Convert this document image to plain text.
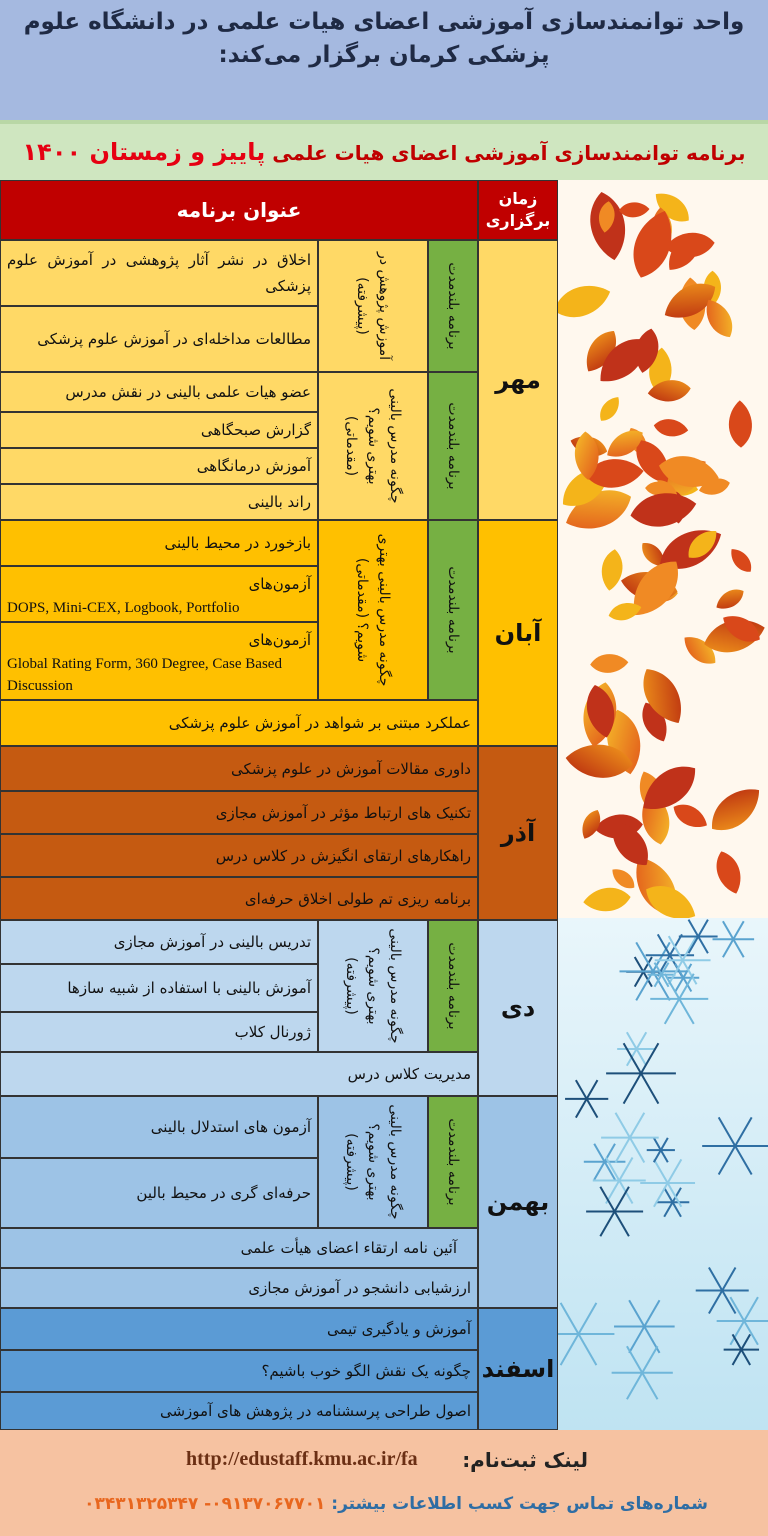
واحد توانمندسازی آموزشی اعضای هیات علمی در دانشگاه علوم
پزشکی کرمان برگزار می‌کند:
برنامه توانمندسازی آموزشی اعضای هیات علمی پاییز و زمستان ۱۴۰۰
زمان برگزاری
عنوان برنامه
مهر
برنامه بلندمدت
برنامه بلندمدت
آموزش پژوهش در (پیشرفته)
چگونه مدرس بالینی بهتری شویم؟ (مقدماتی)
اخلاق در نشر آثار پژوهشی در آموزش علوم پزشکی
مطالعات مداخله‌ای در آموزش علوم پزشکی
عضو هیات علمی بالینی در نقش مدرس
گزارش صبحگاهی
آموزش درمانگاهی
راند بالینی
آبان
برنامه بلندمدت
چگونه مدرس بالینی بهتری شویم؟ (مقدماتی)
بازخورد در محیط بالینی
آزمون‌های
DOPS, Mini-CEX, Logbook, Portfolio
آزمون‌های
Global Rating Form, 360 Degree, Case Based Discussion
عملکرد مبتنی بر شواهد در آموزش علوم پزشکی
آذر
داوری مقالات آموزش در علوم پزشکی
تکنیک های ارتباط مؤثر در آموزش مجازی
راهکارهای ارتقای انگیزش در کلاس درس
برنامه ریزی تم طولی اخلاق حرفه‌ای
دی
برنامه بلندمدت
چگونه مدرس بالینی بهتری شویم؟ (پیشرفته)
تدریس بالینی در آموزش مجازی
آموزش بالینی با استفاده از شبیه سازها
ژورنال کلاب
مدیریت کلاس درس
بهمن
برنامه بلندمدت
چگونه مدرس بالینی بهتری شویم؟ (پیشرفته)
آزمون های استدلال بالینی
حرفه‌ای گری در محیط بالین
آئین نامه ارتقاء اعضای هیأت علمی
ارزشیابی دانشجو در آموزش مجازی
اسفند
آموزش و یادگیری تیمی
چگونه یک نقش الگو خوب باشیم؟
اصول طراحی پرسشنامه در پژوهش های آموزشی
لینک ثبت‌نام:
http://edustaff.kmu.ac.ir/fa
شماره‌های تماس جهت کسب اطلاعات بیشتر: ۰۹۱۳۷۰۶۷۷۰۱- ۰۳۴۳۱۳۲۵۳۴۷
